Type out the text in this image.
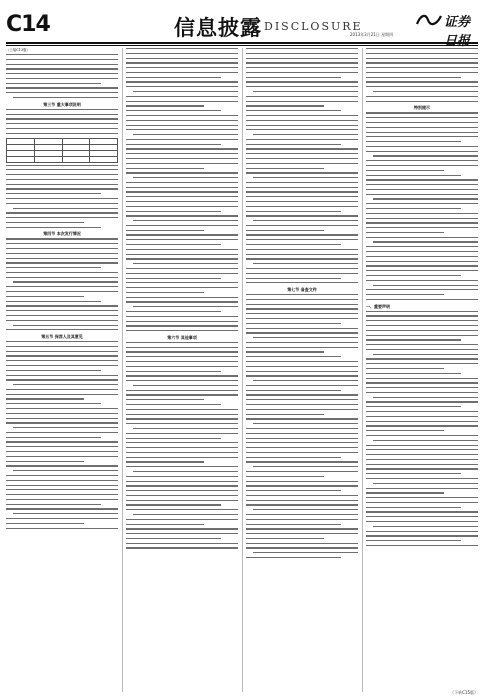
C14	信息披露 DISCLOSURE	证券
2013年3月21日 星期四
（上接C13版）
第三节 重大事项说明

第四节 本次发行情况
第五节 保荐人及其意见	第六节 其他事项
第七节 备查文件
特别提示
一、重要声明
（下转C15版）
